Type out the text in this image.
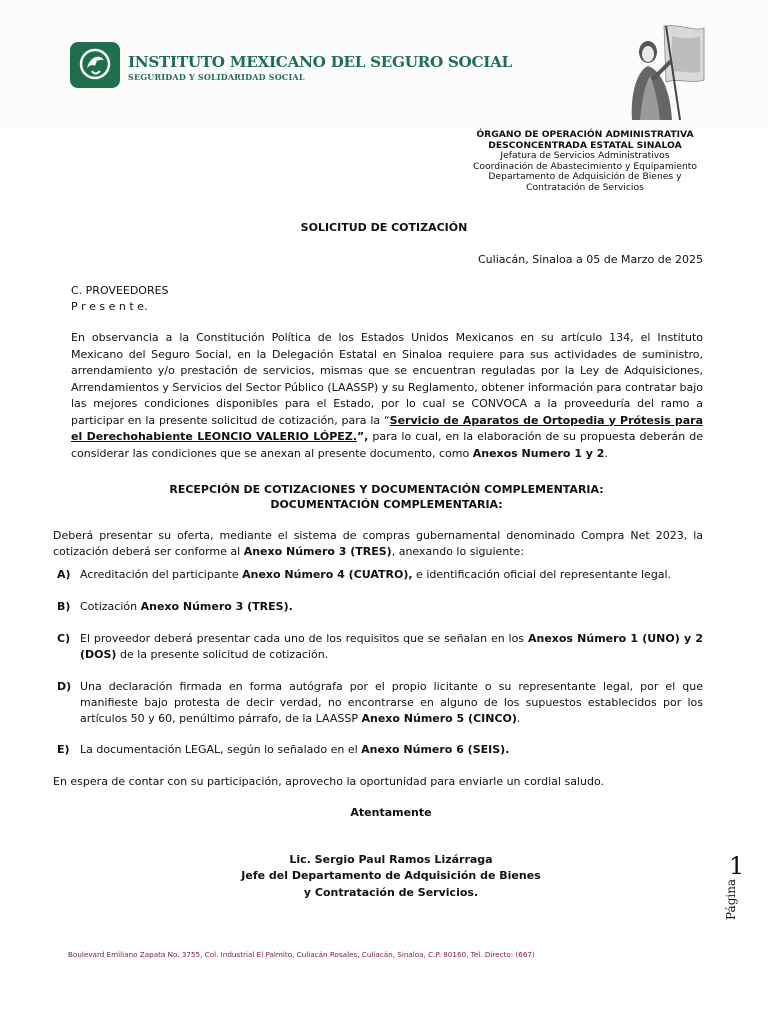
INSTITUTO MEXICANO DEL SEGURO SOCIAL
SEGURIDAD Y SOLIDARIDAD SOCIAL
ÓRGANO DE OPERACIÓN ADMINISTRATIVA
DESCONCENTRADA ESTATAL SINALOA
Jefatura de Servicios Administrativos
Coordinación de Abastecimiento y Equipamiento
Departamento de Adquisición de Bienes y
Contratación de Servicios
SOLICITUD DE COTIZACIÓN
Culiacán, Sinaloa a 05 de Marzo de 2025
C. PROVEEDORES
P r e s e n t e.
En observancia a la Constitución Política de los Estados Unidos Mexicanos en su artículo 134, el Instituto Mexicano del Seguro Social, en la Delegación Estatal en Sinaloa requiere para sus actividades de suministro, arrendamiento y/o prestación de servicios, mismas que se encuentran reguladas por la Ley de Adquisiciones, Arrendamientos y Servicios del Sector Público (LAASSP) y su Reglamento, obtener información para contratar bajo las mejores condiciones disponibles para el Estado, por lo cual se CONVOCA a la proveeduría del ramo a participar en la presente solicitud de cotización, para la “Servicio de Aparatos de Ortopedia y Prótesis para el Derechohabiente LEONCIO VALERIO LÓPEZ.”, para lo cual, en la elaboración de su propuesta deberán de considerar las condiciones que se anexan al presente documento, como Anexos Numero 1 y 2.
RECEPCIÓN DE COTIZACIONES Y DOCUMENTACIÓN COMPLEMENTARIA:
DOCUMENTACIÓN COMPLEMENTARIA:
Deberá presentar su oferta, mediante el sistema de compras gubernamental denominado Compra Net 2023, la cotización deberá ser conforme al Anexo Número 3 (TRES), anexando lo siguiente:
A) Acreditación del participante Anexo Número 4 (CUATRO), e identificación oficial del representante legal.
B) Cotización Anexo Número 3 (TRES).
C) El proveedor deberá presentar cada uno de los requisitos que se señalan en los Anexos Número 1 (UNO) y 2 (DOS) de la presente solicitud de cotización.
D) Una declaración firmada en forma autógrafa por el propio licitante o su representante legal, por el que manifieste bajo protesta de decir verdad, no encontrarse en alguno de los supuestos establecidos por los artículos 50 y 60, penúltimo párrafo, de la LAASSP Anexo Número 5 (CINCO).
E) La documentación LEGAL, según lo señalado en el Anexo Número 6 (SEIS).
En espera de contar con su participación, aprovecho la oportunidad para enviarle un cordial saludo.
Atentamente
Lic. Sergio Paul Ramos Lizárraga
Jefe del Departamento de Adquisición de Bienes
y Contratación de Servicios.	Página
1
Boulevard Emiliano Zapata No. 3755, Col. Industrial El Palmito, Culiacán Rosales, Culiacán, Sinaloa, C.P. 80160, Tel. Directo: (667)
